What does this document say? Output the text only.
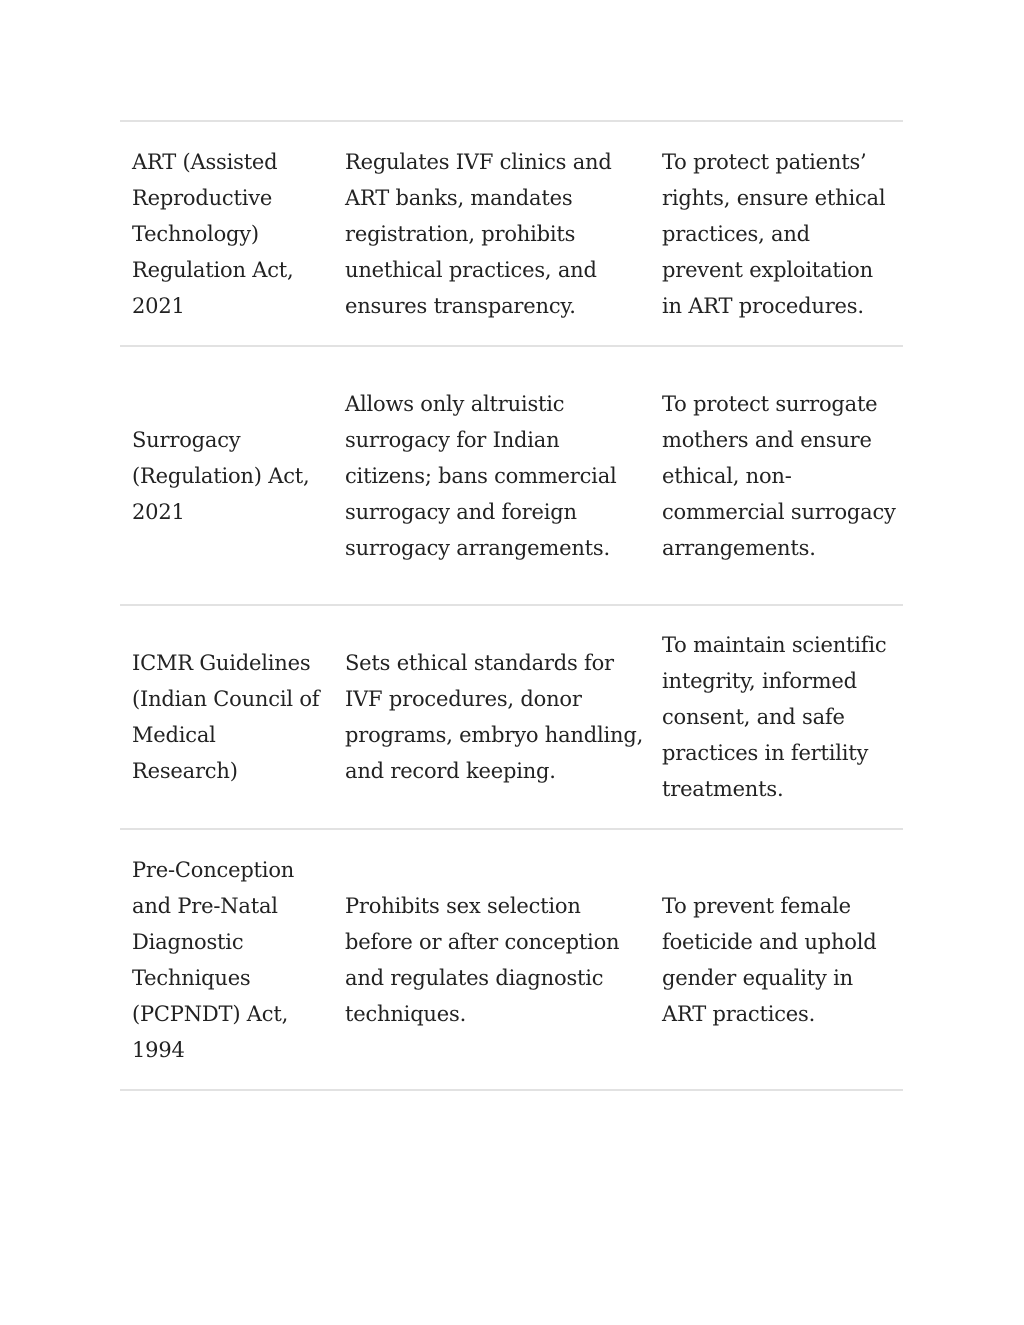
ART (Assisted Reproductive Technology) Regulation Act, 2021
Regulates IVF clinics and ART banks, mandates registration, prohibits unethical practices, and ensures transparency.
To protect patients’ rights, ensure ethical practices, and prevent exploitation in ART procedures.
Surrogacy (Regulation) Act, 2021
Allows only altruistic surrogacy for Indian citizens; bans commercial surrogacy and foreign surrogacy arrangements.
To protect surrogate mothers and ensure ethical, non-commercial surrogacy arrangements.
ICMR Guidelines (Indian Council of Medical Research)
Sets ethical standards for IVF procedures, donor programs, embryo handling, and record keeping.
To maintain scientific integrity, informed consent, and safe practices in fertility treatments.
Pre-Conception and Pre-Natal Diagnostic Techniques (PCPNDT) Act, 1994
Prohibits sex selection before or after conception and regulates diagnostic techniques.
To prevent female foeticide and uphold gender equality in ART practices.
